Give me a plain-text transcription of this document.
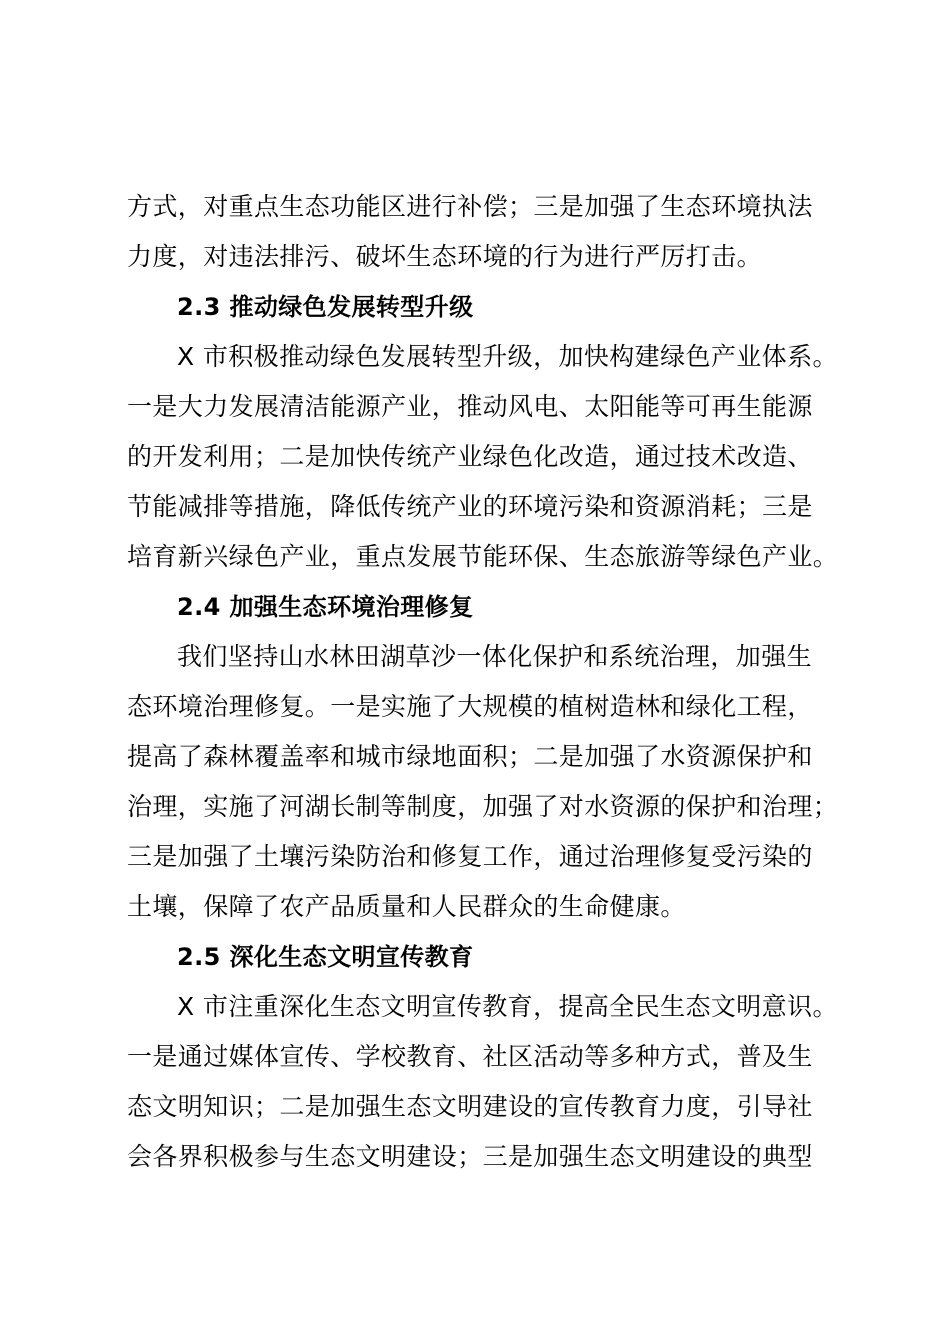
方式，对重点生态功能区进行补偿；三是加强了生态环境执法
力度，对违法排污、破坏生态环境的行为进行严厉打击。
2.3 推动绿色发展转型升级
X 市积极推动绿色发展转型升级，加快构建绿色产业体系。
一是大力发展清洁能源产业，推动风电、太阳能等可再生能源
的开发利用；二是加快传统产业绿色化改造，通过技术改造、
节能减排等措施，降低传统产业的环境污染和资源消耗；三是
培育新兴绿色产业，重点发展节能环保、生态旅游等绿色产业。
2.4 加强生态环境治理修复
我们坚持山水林田湖草沙一体化保护和系统治理，加强生
态环境治理修复。一是实施了大规模的植树造林和绿化工程，
提高了森林覆盖率和城市绿地面积；二是加强了水资源保护和
治理，实施了河湖长制等制度，加强了对水资源的保护和治理；
三是加强了土壤污染防治和修复工作，通过治理修复受污染的
土壤，保障了农产品质量和人民群众的生命健康。
2.5 深化生态文明宣传教育
X 市注重深化生态文明宣传教育，提高全民生态文明意识。
一是通过媒体宣传、学校教育、社区活动等多种方式，普及生
态文明知识；二是加强生态文明建设的宣传教育力度，引导社
会各界积极参与生态文明建设；三是加强生态文明建设的典型
